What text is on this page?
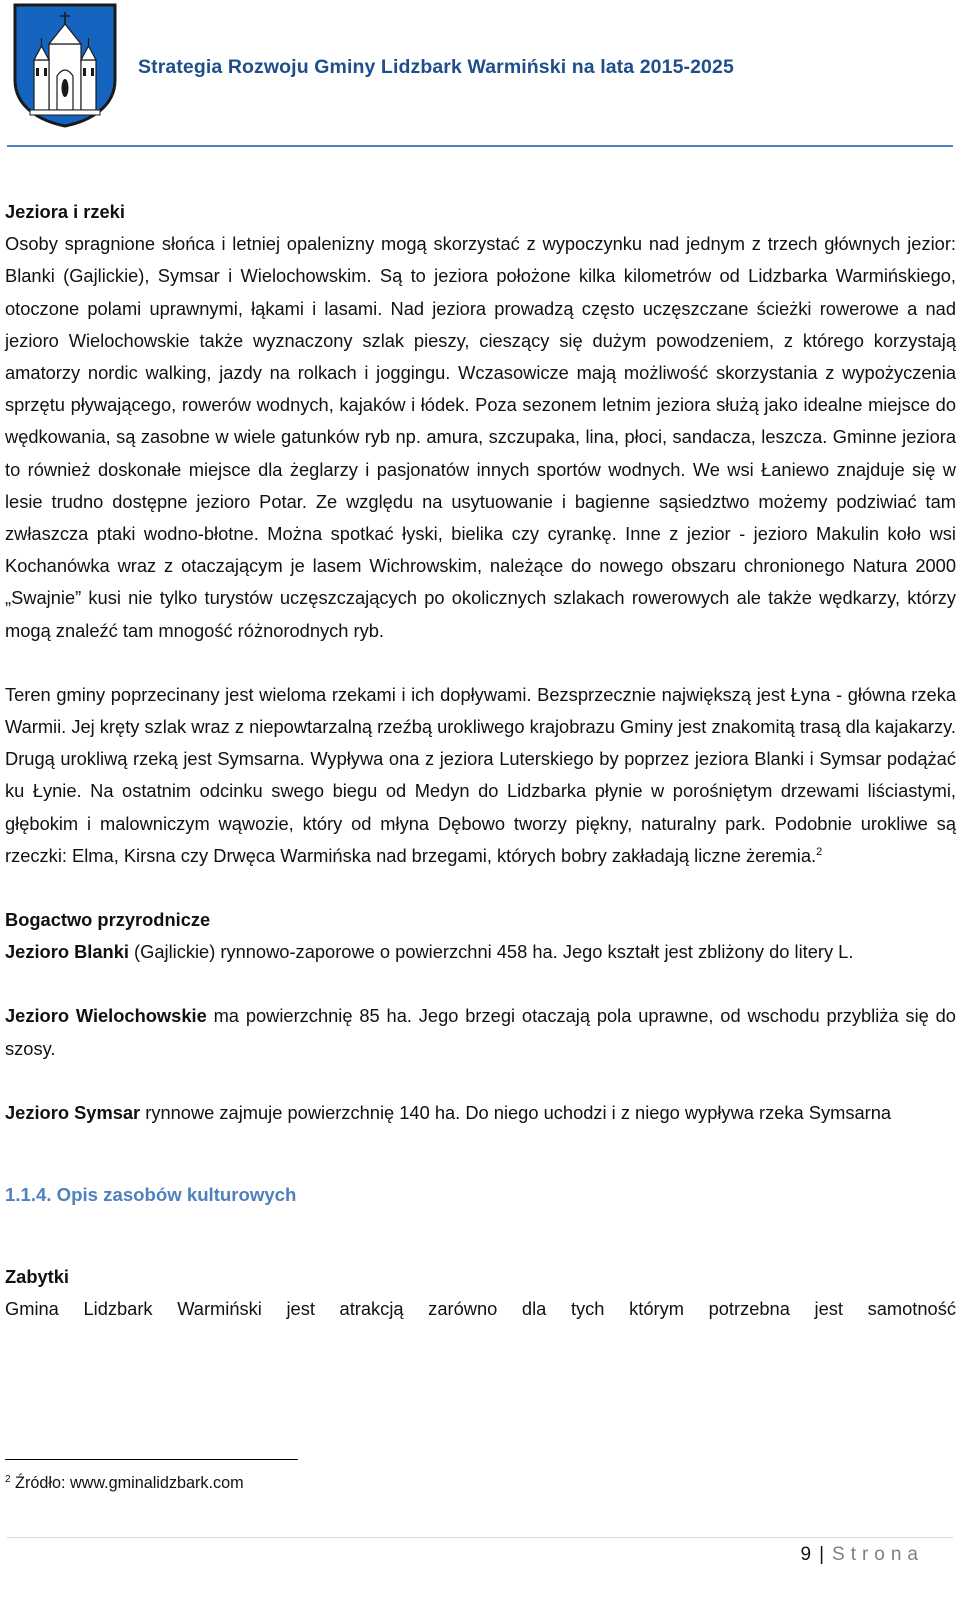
Strategia Rozwoju Gminy Lidzbark Warmiński na lata 2015-2025

Jeziora i rzeki

Osoby spragnione słońca i letniej opalenizny mogą skorzystać z wypoczynku nad jednym z trzech głównych jezior: Blanki (Gajlickie), Symsar i Wielochowskim. Są to jeziora położone kilka kilometrów od Lidzbarka Warmińskiego, otoczone polami uprawnymi, łąkami i lasami. Nad jeziora prowadzą często uczęszczane ścieżki rowerowe a nad jezioro Wielochowskie także wyznaczony szlak pieszy, cieszący się dużym powodzeniem, z którego korzystają amatorzy nordic walking, jazdy na rolkach i joggingu. Wczasowicze mają możliwość skorzystania z wypożyczenia sprzętu pływającego, rowerów wodnych, kajaków i łódek. Poza sezonem letnim jeziora służą jako idealne miejsce do wędkowania, są zasobne w wiele gatunków ryb np. amura, szczupaka, lina, płoci, sandacza, leszcza. Gminne jeziora to również doskonałe miejsce dla żeglarzy i pasjonatów innych sportów wodnych. We wsi Łaniewo znajduje się w lesie trudno dostępne jezioro Potar. Ze względu na usytuowanie i bagienne sąsiedztwo możemy podziwiać tam zwłaszcza ptaki wodno-błotne. Można spotkać łyski, bielika czy cyrankę. Inne z jezior - jezioro Makulin koło wsi Kochanówka wraz z otaczającym je lasem Wichrowskim, należące do nowego obszaru chronionego Natura 2000 „Swajnie” kusi nie tylko turystów uczęszczających po okolicznych szlakach rowerowych ale także wędkarzy, którzy mogą znaleźć tam mnogość różnorodnych ryb.

Teren gminy poprzecinany jest wieloma rzekami i ich dopływami. Bezsprzecznie największą jest Łyna - główna rzeka Warmii. Jej kręty szlak wraz z niepowtarzalną rzeźbą urokliwego krajobrazu Gminy jest znakomitą trasą dla kajakarzy. Drugą urokliwą rzeką jest Symsarna. Wypływa ona z jeziora Luterskiego by poprzez jeziora Blanki i Symsar podążać ku Łynie. Na ostatnim odcinku swego biegu od Medyn do Lidzbarka płynie w porośniętym drzewami liściastymi, głębokim i malowniczym wąwozie, który od młyna Dębowo tworzy piękny, naturalny park. Podobnie urokliwe są rzeczki: Elma, Kirsna czy Drwęca Warmińska nad brzegami, których bobry zakładają liczne żeremia.$^2$

Bogactwo przyrodnicze

Jezioro Blanki (Gajlickie) rynnowo-zaporowe o powierzchni 458 ha. Jego kształt jest zbliżony do litery L.

Jezioro Wielochowskie ma powierzchnię 85 ha. Jego brzegi otaczają pola uprawne, od wschodu przybliża się do szosy.

Jezioro Symsar rynnowe zajmuje powierzchnię 140 ha. Do niego uchodzi i z niego wypływa rzeka Symsarna

1.1.4. Opis zasobów kulturowych

Zabytki

Gmina Lidzbark Warmiński jest atrakcją zarówno dla tych którym potrzebna jest samotność

$^2$ Źródło: www.gminalidzbark.com
9 | Strona
